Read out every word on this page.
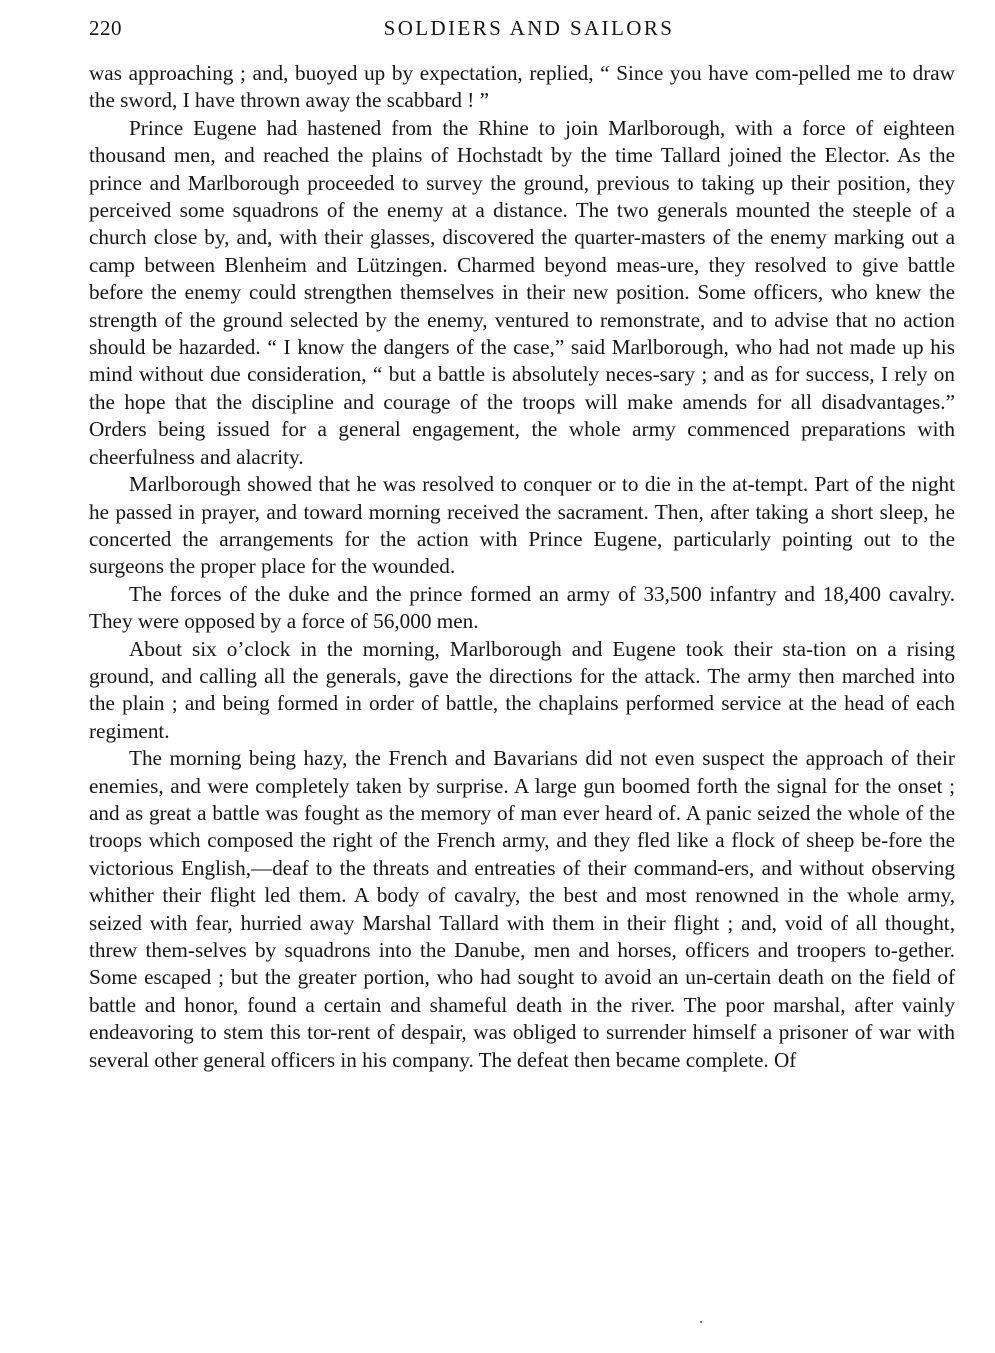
220	SOLDIERS AND SAILORS

was approaching ; and, buoyed up by expectation, replied, “ Since you have com-pelled me to draw the sword, I have thrown away the scabbard ! ”

Prince Eugene had hastened from the Rhine to join Marlborough, with a force of eighteen thousand men, and reached the plains of Hochstadt by the time Tallard joined the Elector. As the prince and Marlborough proceeded to survey the ground, previous to taking up their position, they perceived some squadrons of the enemy at a distance. The two generals mounted the steeple of a church close by, and, with their glasses, discovered the quarter-masters of the enemy marking out a camp between Blenheim and Lützingen. Charmed beyond meas-ure, they resolved to give battle before the enemy could strengthen themselves in their new position. Some officers, who knew the strength of the ground selected by the enemy, ventured to remonstrate, and to advise that no action should be hazarded. “ I know the dangers of the case,” said Marlborough, who had not made up his mind without due consideration, “ but a battle is absolutely neces-sary ; and as for success, I rely on the hope that the discipline and courage of the troops will make amends for all disadvantages.” Orders being issued for a general engagement, the whole army commenced preparations with cheerfulness and alacrity.

Marlborough showed that he was resolved to conquer or to die in the at-tempt. Part of the night he passed in prayer, and toward morning received the sacrament. Then, after taking a short sleep, he concerted the arrangements for the action with Prince Eugene, particularly pointing out to the surgeons the proper place for the wounded.

The forces of the duke and the prince formed an army of 33,500 infantry and 18,400 cavalry. They were opposed by a force of 56,000 men.

About six o’clock in the morning, Marlborough and Eugene took their sta-tion on a rising ground, and calling all the generals, gave the directions for the attack. The army then marched into the plain ; and being formed in order of battle, the chaplains performed service at the head of each regiment.

The morning being hazy, the French and Bavarians did not even suspect the approach of their enemies, and were completely taken by surprise. A large gun boomed forth the signal for the onset ; and as great a battle was fought as the memory of man ever heard of. A panic seized the whole of the troops which composed the right of the French army, and they fled like a flock of sheep be-fore the victorious English,—deaf to the threats and entreaties of their command-ers, and without observing whither their flight led them. A body of cavalry, the best and most renowned in the whole army, seized with fear, hurried away Marshal Tallard with them in their flight ; and, void of all thought, threw them-selves by squadrons into the Danube, men and horses, officers and troopers to-gether. Some escaped ; but the greater portion, who had sought to avoid an un-certain death on the field of battle and honor, found a certain and shameful death in the river. The poor marshal, after vainly endeavoring to stem this tor-rent of despair, was obliged to surrender himself a prisoner of war with several other general officers in his company. The defeat then became complete. Of
